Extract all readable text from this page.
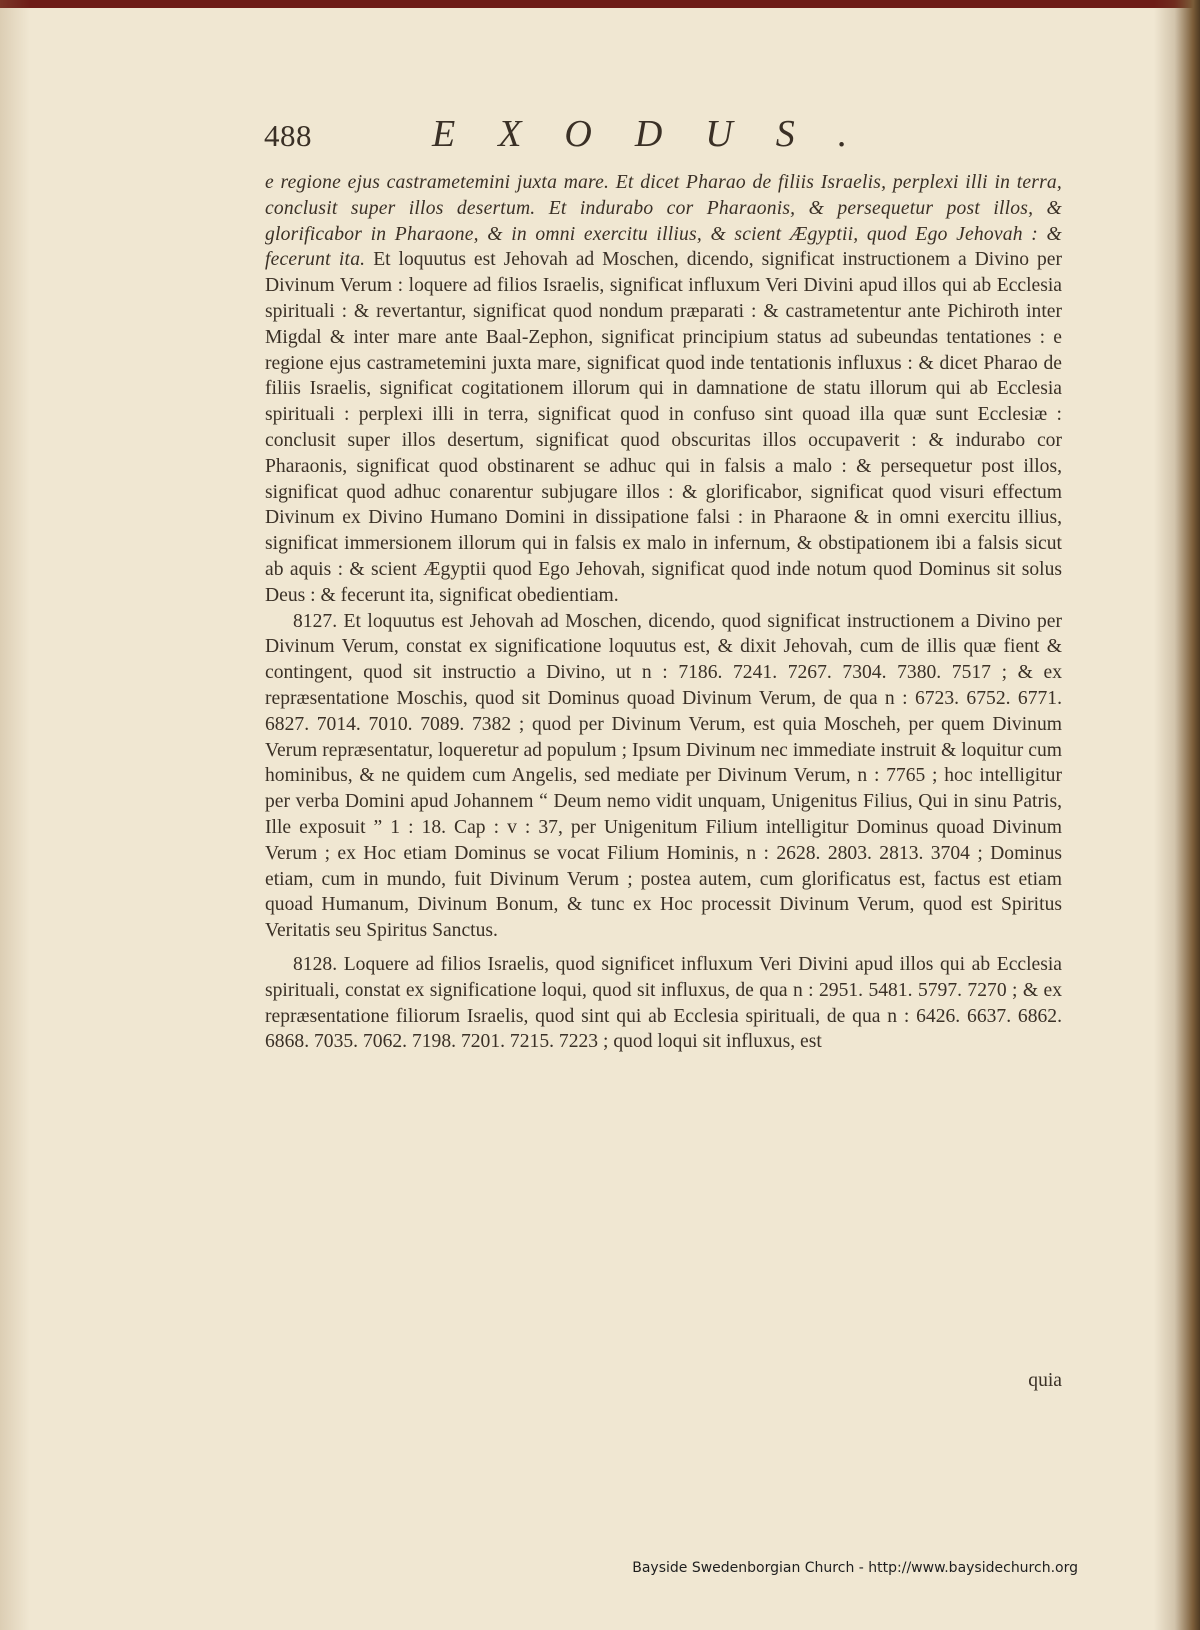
488	EXODUS.

e regione ejus castrametemini juxta mare. Et dicet Pharao de filiis Israelis, perplexi illi in terra, conclusit super illos desertum. Et indurabo cor Pharaonis, & persequetur post illos, & glorificabor in Pharaone, & in omni exercitu illius, & scient Ægyptii, quod Ego Jehovah : & fecerunt ita. Et loquutus est Jehovah ad Moschen, dicendo, significat instructionem a Divino per Divinum Verum : loquere ad filios Israelis, significat influxum Veri Divini apud illos qui ab Ecclesia spirituali : & revertantur, significat quod nondum præparati : & castrametentur ante Pichiroth inter Migdal & inter mare ante Baal-Zephon, significat principium status ad subeundas tentationes : e regione ejus castrametemini juxta mare, significat quod inde tentationis influxus : & dicet Pharao de filiis Israelis, significat cogitationem illorum qui in damnatione de statu illorum qui ab Ecclesia spirituali : perplexi illi in terra, significat quod in confuso sint quoad illa quæ sunt Ecclesiæ : conclusit super illos desertum, significat quod obscuritas illos occupaverit : & indurabo cor Pharaonis, significat quod obstinarent se adhuc qui in falsis a malo : & persequetur post illos, significat quod adhuc conarentur subjugare illos : & glorificabor, significat quod visuri effectum Divinum ex Divino Humano Domini in dissipatione falsi : in Pharaone & in omni exercitu illius, significat immersionem illorum qui in falsis ex malo in infernum, & obstipationem ibi a falsis sicut ab aquis : & scient Ægyptii quod Ego Jehovah, significat quod inde notum quod Dominus sit solus Deus : & fecerunt ita, significat obedientiam.

8127. Et loquutus est Jehovah ad Moschen, dicendo, quod significat instructionem a Divino per Divinum Verum, constat ex significatione loquutus est, & dixit Jehovah, cum de illis quæ fient & contingent, quod sit instructio a Divino, ut n : 7186. 7241. 7267. 7304. 7380. 7517 ; & ex repræsentatione Moschis, quod sit Dominus quoad Divinum Verum, de qua n : 6723. 6752. 6771. 6827. 7014. 7010. 7089. 7382 ; quod per Divinum Verum, est quia Moscheh, per quem Divinum Verum repræsentatur, loqueretur ad populum ; Ipsum Divinum nec immediate instruit & loquitur cum hominibus, & ne quidem cum Angelis, sed mediate per Divinum Verum, n : 7765 ; hoc intelligitur per verba Domini apud Johannem “ Deum nemo vidit unquam, Unigenitus Filius, Qui in sinu Patris, Ille exposuit ” 1 : 18. Cap : v : 37, per Unigenitum Filium intelligitur Dominus quoad Divinum Verum ; ex Hoc etiam Dominus se vocat Filium Hominis, n : 2628. 2803. 2813. 3704 ; Dominus etiam, cum in mundo, fuit Divinum Verum ; postea autem, cum glorificatus est, factus est etiam quoad Humanum, Divinum Bonum, & tunc ex Hoc processit Divinum Verum, quod est Spiritus Veritatis seu Spiritus Sanctus.

8128. Loquere ad filios Israelis, quod significet influxum Veri Divini apud illos qui ab Ecclesia spirituali, constat ex significatione loqui, quod sit influxus, de qua n : 2951. 5481. 5797. 7270 ; & ex repræsentatione filiorum Israelis, quod sint qui ab Ecclesia spirituali, de qua n : 6426. 6637. 6862. 6868. 7035. 7062. 7198. 7201. 7215. 7223 ; quod loqui sit influxus, est

quia
Bayside Swedenborgian Church - http://www.baysidechurch.org
